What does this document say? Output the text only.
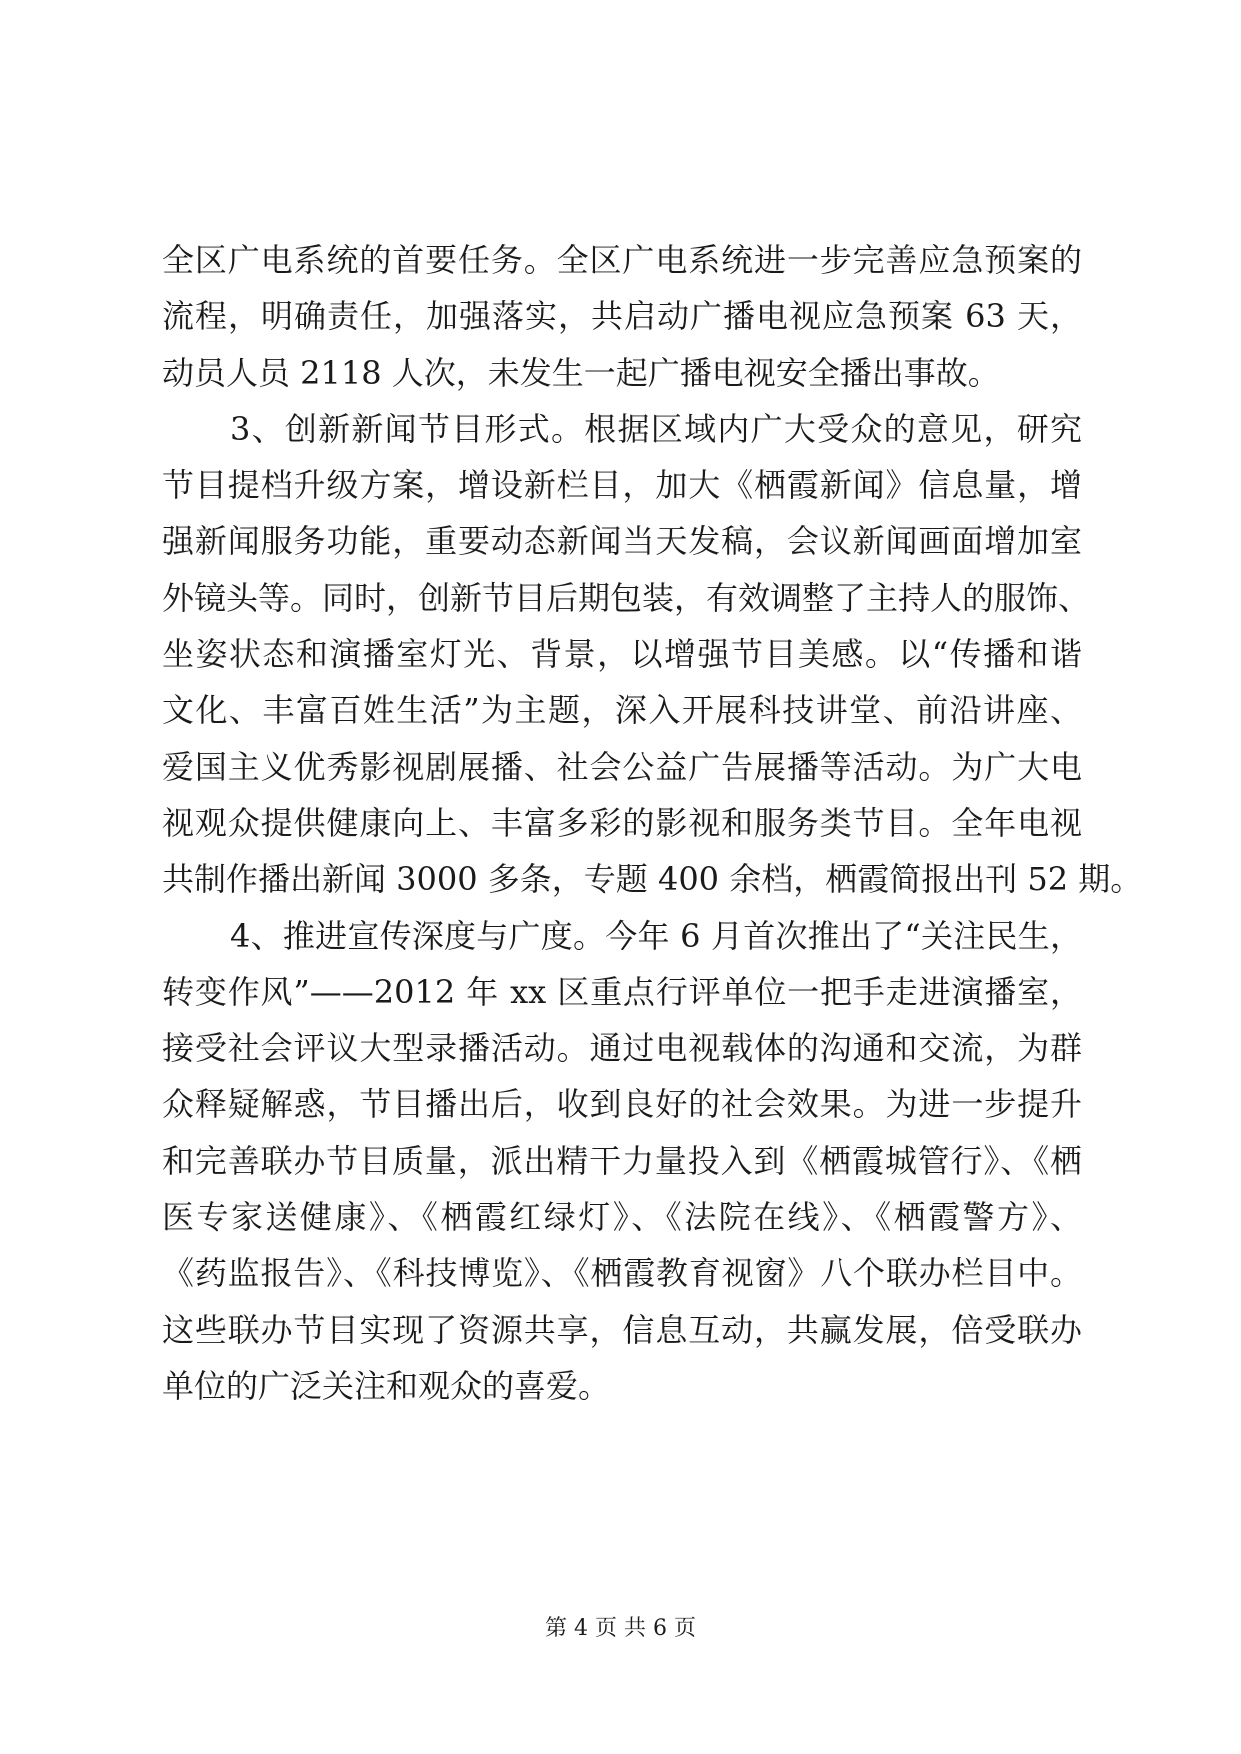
全区广电系统的首要任务。全区广电系统进一步完善应急预案的
流程，明确责任，加强落实，共启动广播电视应急预案 63 天，
动员人员 2118 人次，未发生一起广播电视安全播出事故。
3、创新新闻节目形式。根据区域内广大受众的意见，研究
节目提档升级方案，增设新栏目，加大《栖霞新闻》信息量，增
强新闻服务功能，重要动态新闻当天发稿，会议新闻画面增加室
外镜头等。同时，创新节目后期包装，有效调整了主持人的服饰、
坐姿状态和演播室灯光、背景，以增强节目美感。以“传播和谐
文化、丰富百姓生活”为主题，深入开展科技讲堂、前沿讲座、
爱国主义优秀影视剧展播、社会公益广告展播等活动。为广大电
视观众提供健康向上、丰富多彩的影视和服务类节目。全年电视
共制作播出新闻 3000 多条，专题 400 余档，栖霞简报出刊 52 期。
4、推进宣传深度与广度。今年 6 月首次推出了“关注民生，
转变作风”——2012 年 xx 区重点行评单位一把手走进演播室，
接受社会评议大型录播活动。通过电视载体的沟通和交流，为群
众释疑解惑，节目播出后，收到良好的社会效果。为进一步提升
和完善联办节目质量，派出精干力量投入到《栖霞城管行》、《栖
医专家送健康》、《栖霞红绿灯》、《法院在线》、《栖霞警方》、
《药监报告》、《科技博览》、《栖霞教育视窗》八个联办栏目中。
这些联办节目实现了资源共享，信息互动，共赢发展，倍受联办
单位的广泛关注和观众的喜爱。
第 4 页 共 6 页
